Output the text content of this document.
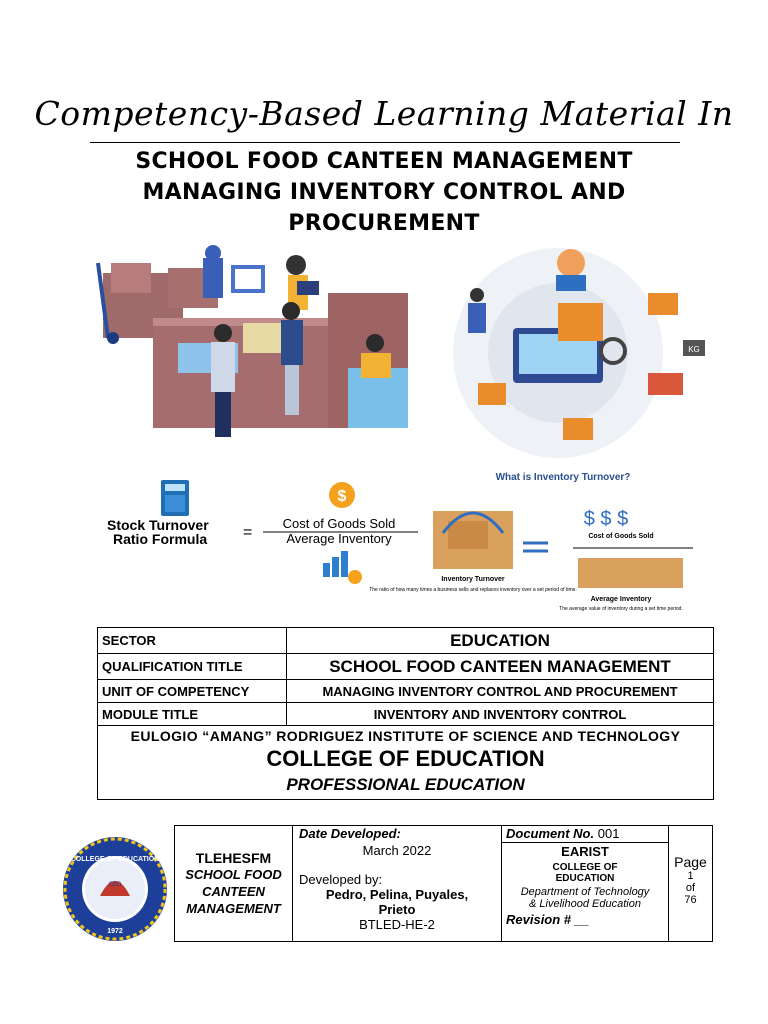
Competency-Based Learning Material In
SCHOOL FOOD CANTEEN MANAGEMENT
MANAGING INVENTORY CONTROL AND
PROCUREMENT
KG
$
Stock Turnover
Ratio Formula =
Cost of Goods Sold
Average Inventory
What is Inventory Turnover?
Inventory Turnover
The ratio of how many times a business sells and replaces inventory over a set period of time.
$ $ $
Cost of Goods Sold
Average Inventory
The average value of inventory during a set time period.
SECTOR	EDUCATION
QUALIFICATION TITLE	SCHOOL FOOD CANTEEN MANAGEMENT
UNIT OF COMPETENCY	MANAGING INVENTORY CONTROL AND PROCUREMENT
MODULE TITLE	INVENTORY AND INVENTORY CONTROL

EULOGIO “AMANG” RODRIGUEZ INSTITUTE OF SCIENCE AND TECHNOLOGY
COLLEGE OF EDUCATION
PROFESSIONAL EDUCATION	
CED
COLLEGE OF EDUCATION
1972
TLEHESFM
SCHOOL FOOD
CANTEEN
MANAGEMENT

Date Developed:
March 2022
Developed by:
Pedro, Pelina, Puyales,
Prieto
BTLED-HE-2

Document No. 001
EARIST
COLLEGE OF
EDUCATION
Department of Technology
& Livelihood Education
Revision # __

Page
1
of
76
